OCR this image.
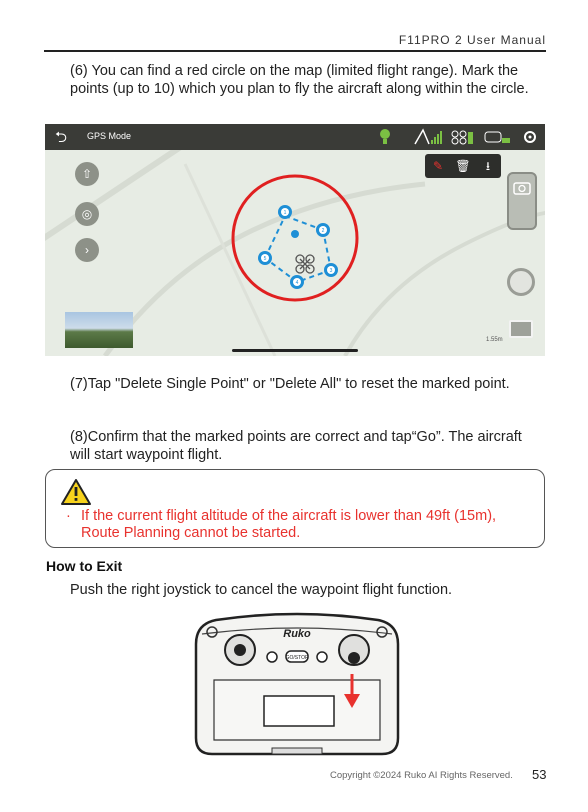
F11PRO 2 User Manual
(6) You can find a red circle on the map (limited flight range). Mark the points (up to 10) which you plan to fly the aircraft along within the circle.
⮌ GPS Mode
⇧
◎
›
✎	🗑	⭳
1
2
3
4
5
1.55m
(7)Tap "Delete Single Point" or "Delete All" to reset the marked point.
(8)Confirm that the marked points are correct and tap“Go”. The aircraft will start waypoint flight.
· If the current flight altitude of the aircraft is lower than 49ft (15m), Route Planning cannot be started.
How to Exit
Push the right joystick to cancel the waypoint flight function.
Ruko
GO/STOP
Copyright ©2024 Ruko AI Rights Reserved. 53
